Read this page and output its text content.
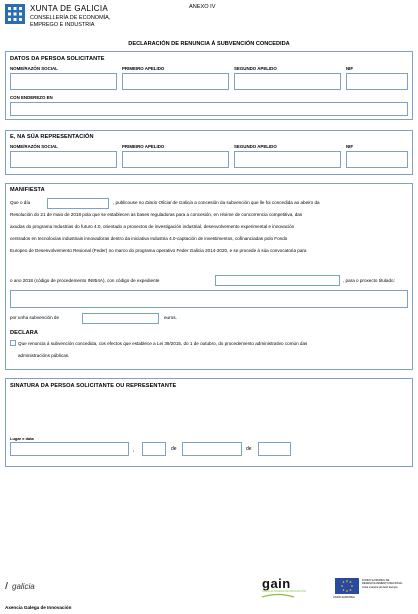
XUNTA DE GALICIA
CONSELLERÍA DE ECONOMÍA,
EMPREGO E INDUSTRIA
ANEXO IV
DECLARACIÓN DE RENUNCIA Á SUBVENCIÓN CONCEDIDA
DATOS DA PERSOA SOLICITANTE
NOME/RAZÓN SOCIAL	PRIMEIRO APELIDO	SEGUNDO APELIDO	NIF
CON ENDEREZO EN
E, NA SÚA REPRESENTACIÓN
NOME/RAZÓN SOCIAL	PRIMEIRO APELIDO	SEGUNDO APELIDO	NIF
MANIFIESTA
Que o día	, publicouse no Diario Oficial de Galicia a concesión da subvención que lle foi concedida ao abeiro da
Resolución do 21 de maio de 2018 pola que se establecen as bases reguladoras para a concesión, en réxime de concorrencia competitiva, das
axudas do programa Industrias do futuro 4.0, orientado a proxectos de investigación industrial, desenvolvemento experimental e innovación
centrados en tecnoloxías industriais innovadoras dentro da iniciativa Industria 4.0-captación de investimentos, cofinanciadas polo Fondo
Europeo de Desenvolvemento Rexional (Feder) no marco do programa operativo Feder Galicia 2014-2020, e se procede á súa convocatoria para
o ano 2018 (código de procedemento IN854A), con código de expediente	, para o proxecto titulado:
por unha subvención de	euros.
DECLARA
Que renuncia á subvención concedida, cos efectos que establece a Lei 39/2015, do 1 de outubro, do procedemento administrativo común das
administracións públicas.
SINATURA DA PERSOA SOLICITANTE OU REPRESENTANTE
Lugar e data
,	de	de
galicia	gain
AXENCIA GALEGA DE INNOVACIÓN
UNIÓN EUROPEA
FONDO EUROPEO DE
DESENVOLVEMENTO REXIONAL
Unha maneira de facer Europa
Axencia Galega de Innovación
